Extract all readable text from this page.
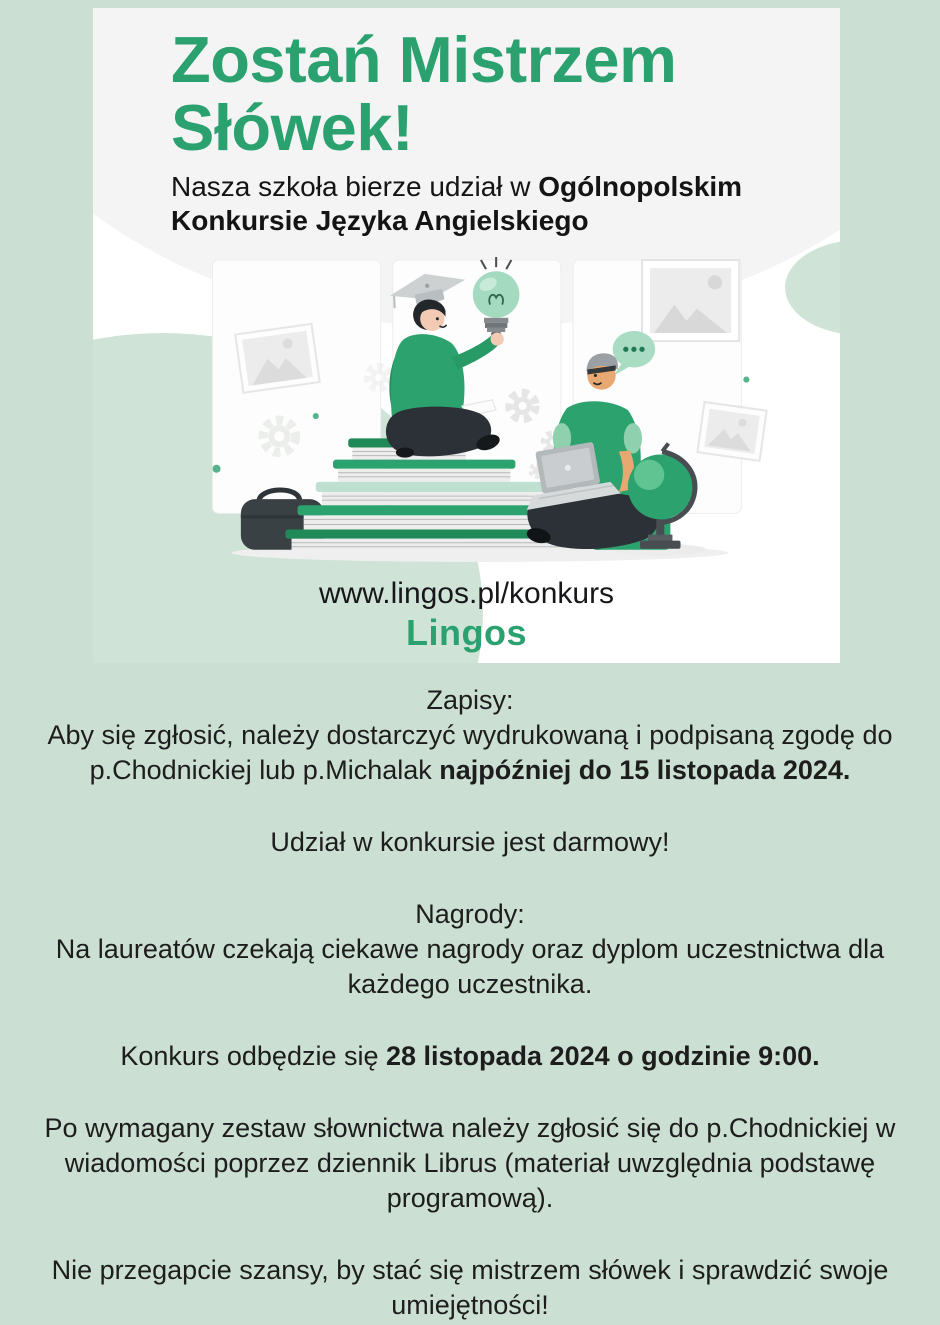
Zostań Mistrzem
Słówek!

Nasza szkoła bierze udział w Ogólnopolskim Konkursie Języka Angielskiego

www.lingos.pl/konkurs
Lingos

Zapisy:

Aby się zgłosić, należy dostarczyć wydrukowaną i podpisaną zgodę do p.Chodnickiej lub p.Michalak najpóźniej do 15 listopada 2024.

Udział w konkursie jest darmowy!

Nagrody:

Na laureatów czekają ciekawe nagrody oraz dyplom uczestnictwa dla każdego uczestnika.

Konkurs odbędzie się 28 listopada 2024 o godzinie 9:00.

Po wymagany zestaw słownictwa należy zgłosić się do p.Chodnickiej w wiadomości poprzez dziennik Librus (materiał uwzględnia podstawę programową).

Nie przegapcie szansy, by stać się mistrzem słówek i sprawdzić swoje umiejętności!
